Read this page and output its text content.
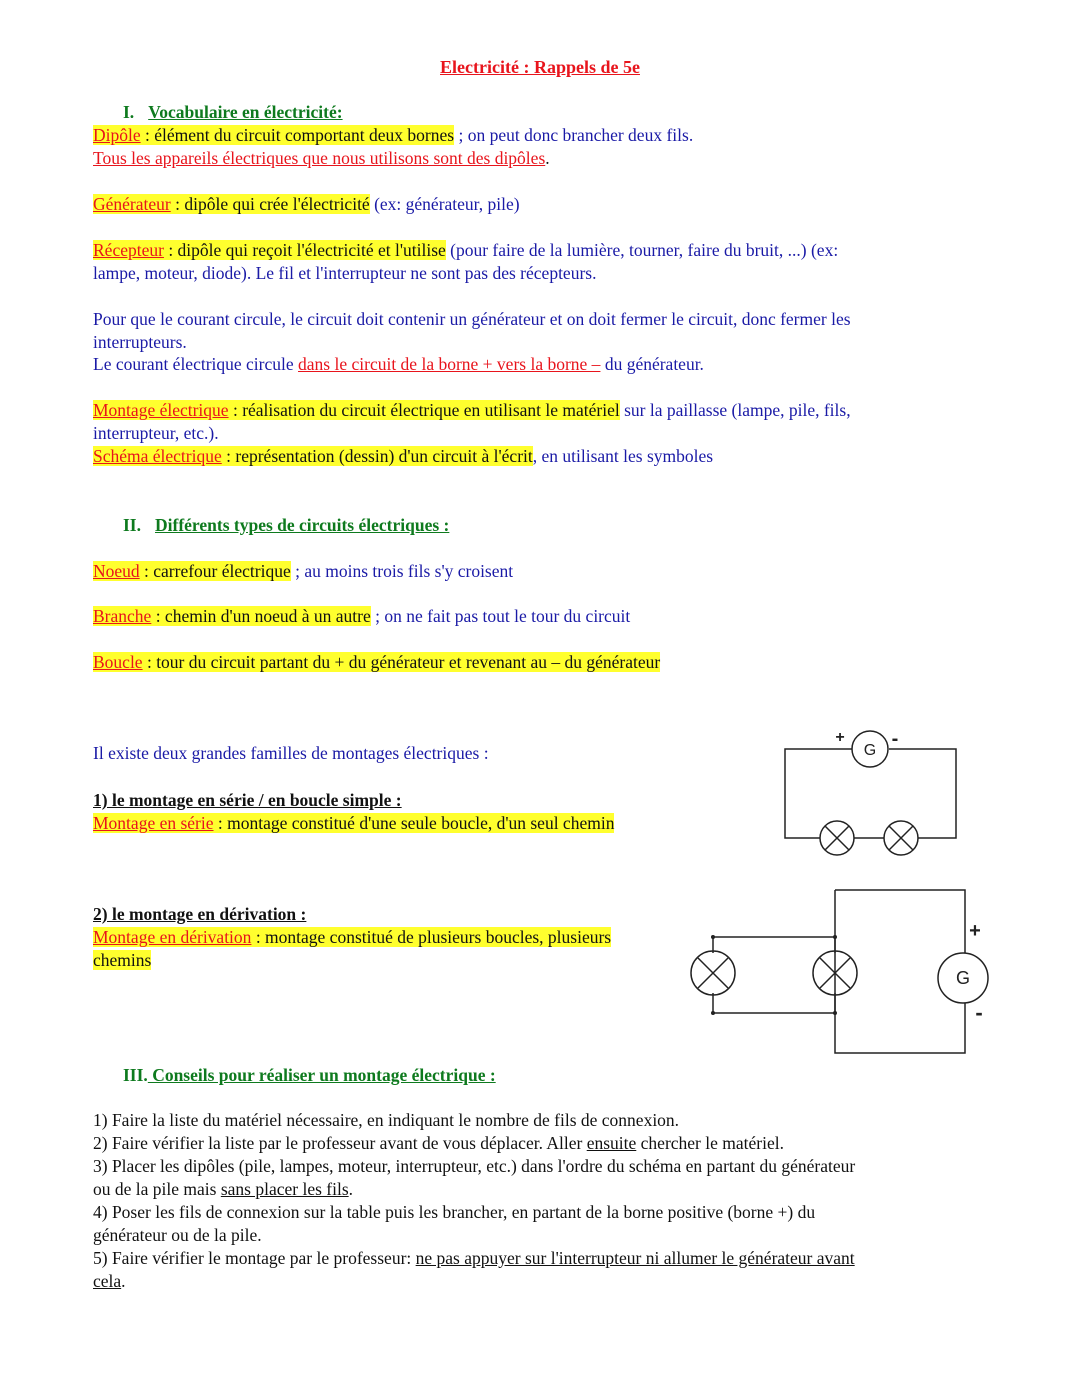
Electricité : Rappels de 5e
I. Vocabulaire en électricité:
Dipôle : élément du circuit comportant deux bornes ; on peut donc brancher deux fils.
Tous les appareils électriques que nous utilisons sont des dipôles.
Générateur : dipôle qui crée l'électricité (ex: générateur, pile)
Récepteur : dipôle qui reçoit l'électricité et l'utilise (pour faire de la lumière, tourner, faire du bruit, ...) (ex:
lampe, moteur, diode). Le fil et l'interrupteur ne sont pas des récepteurs.
Pour que le courant circule, le circuit doit contenir un générateur et on doit fermer le circuit, donc fermer les
interrupteurs.
Le courant électrique circule dans le circuit de la borne + vers la borne – du générateur.
Montage électrique : réalisation du circuit électrique en utilisant le matériel sur la paillasse (lampe, pile, fils,
interrupteur, etc.).
Schéma électrique : représentation (dessin) d'un circuit à l'écrit, en utilisant les symboles
II. Différents types de circuits électriques :
Noeud : carrefour électrique ; au moins trois fils s'y croisent
Branche : chemin d'un noeud à un autre ; on ne fait pas tout le tour du circuit
Boucle : tour du circuit partant du + du générateur et revenant au – du générateur
Il existe deux grandes familles de montages électriques :
1) le montage en série / en boucle simple :
Montage en série : montage constitué d'une seule boucle, d'un seul chemin
2) le montage en dérivation :
Montage en dérivation : montage constitué de plusieurs boucles, plusieurs
chemins
G
+ -
G
+
-
III. Conseils pour réaliser un montage électrique :
1) Faire la liste du matériel nécessaire, en indiquant le nombre de fils de connexion.
2) Faire vérifier la liste par le professeur avant de vous déplacer. Aller ensuite chercher le matériel.
3) Placer les dipôles (pile, lampes, moteur, interrupteur, etc.) dans l'ordre du schéma en partant du générateur
ou de la pile mais sans placer les fils.
4) Poser les fils de connexion sur la table puis les brancher, en partant de la borne positive (borne +) du
générateur ou de la pile.
5) Faire vérifier le montage par le professeur: ne pas appuyer sur l'interrupteur ni allumer le générateur avant
cela.
